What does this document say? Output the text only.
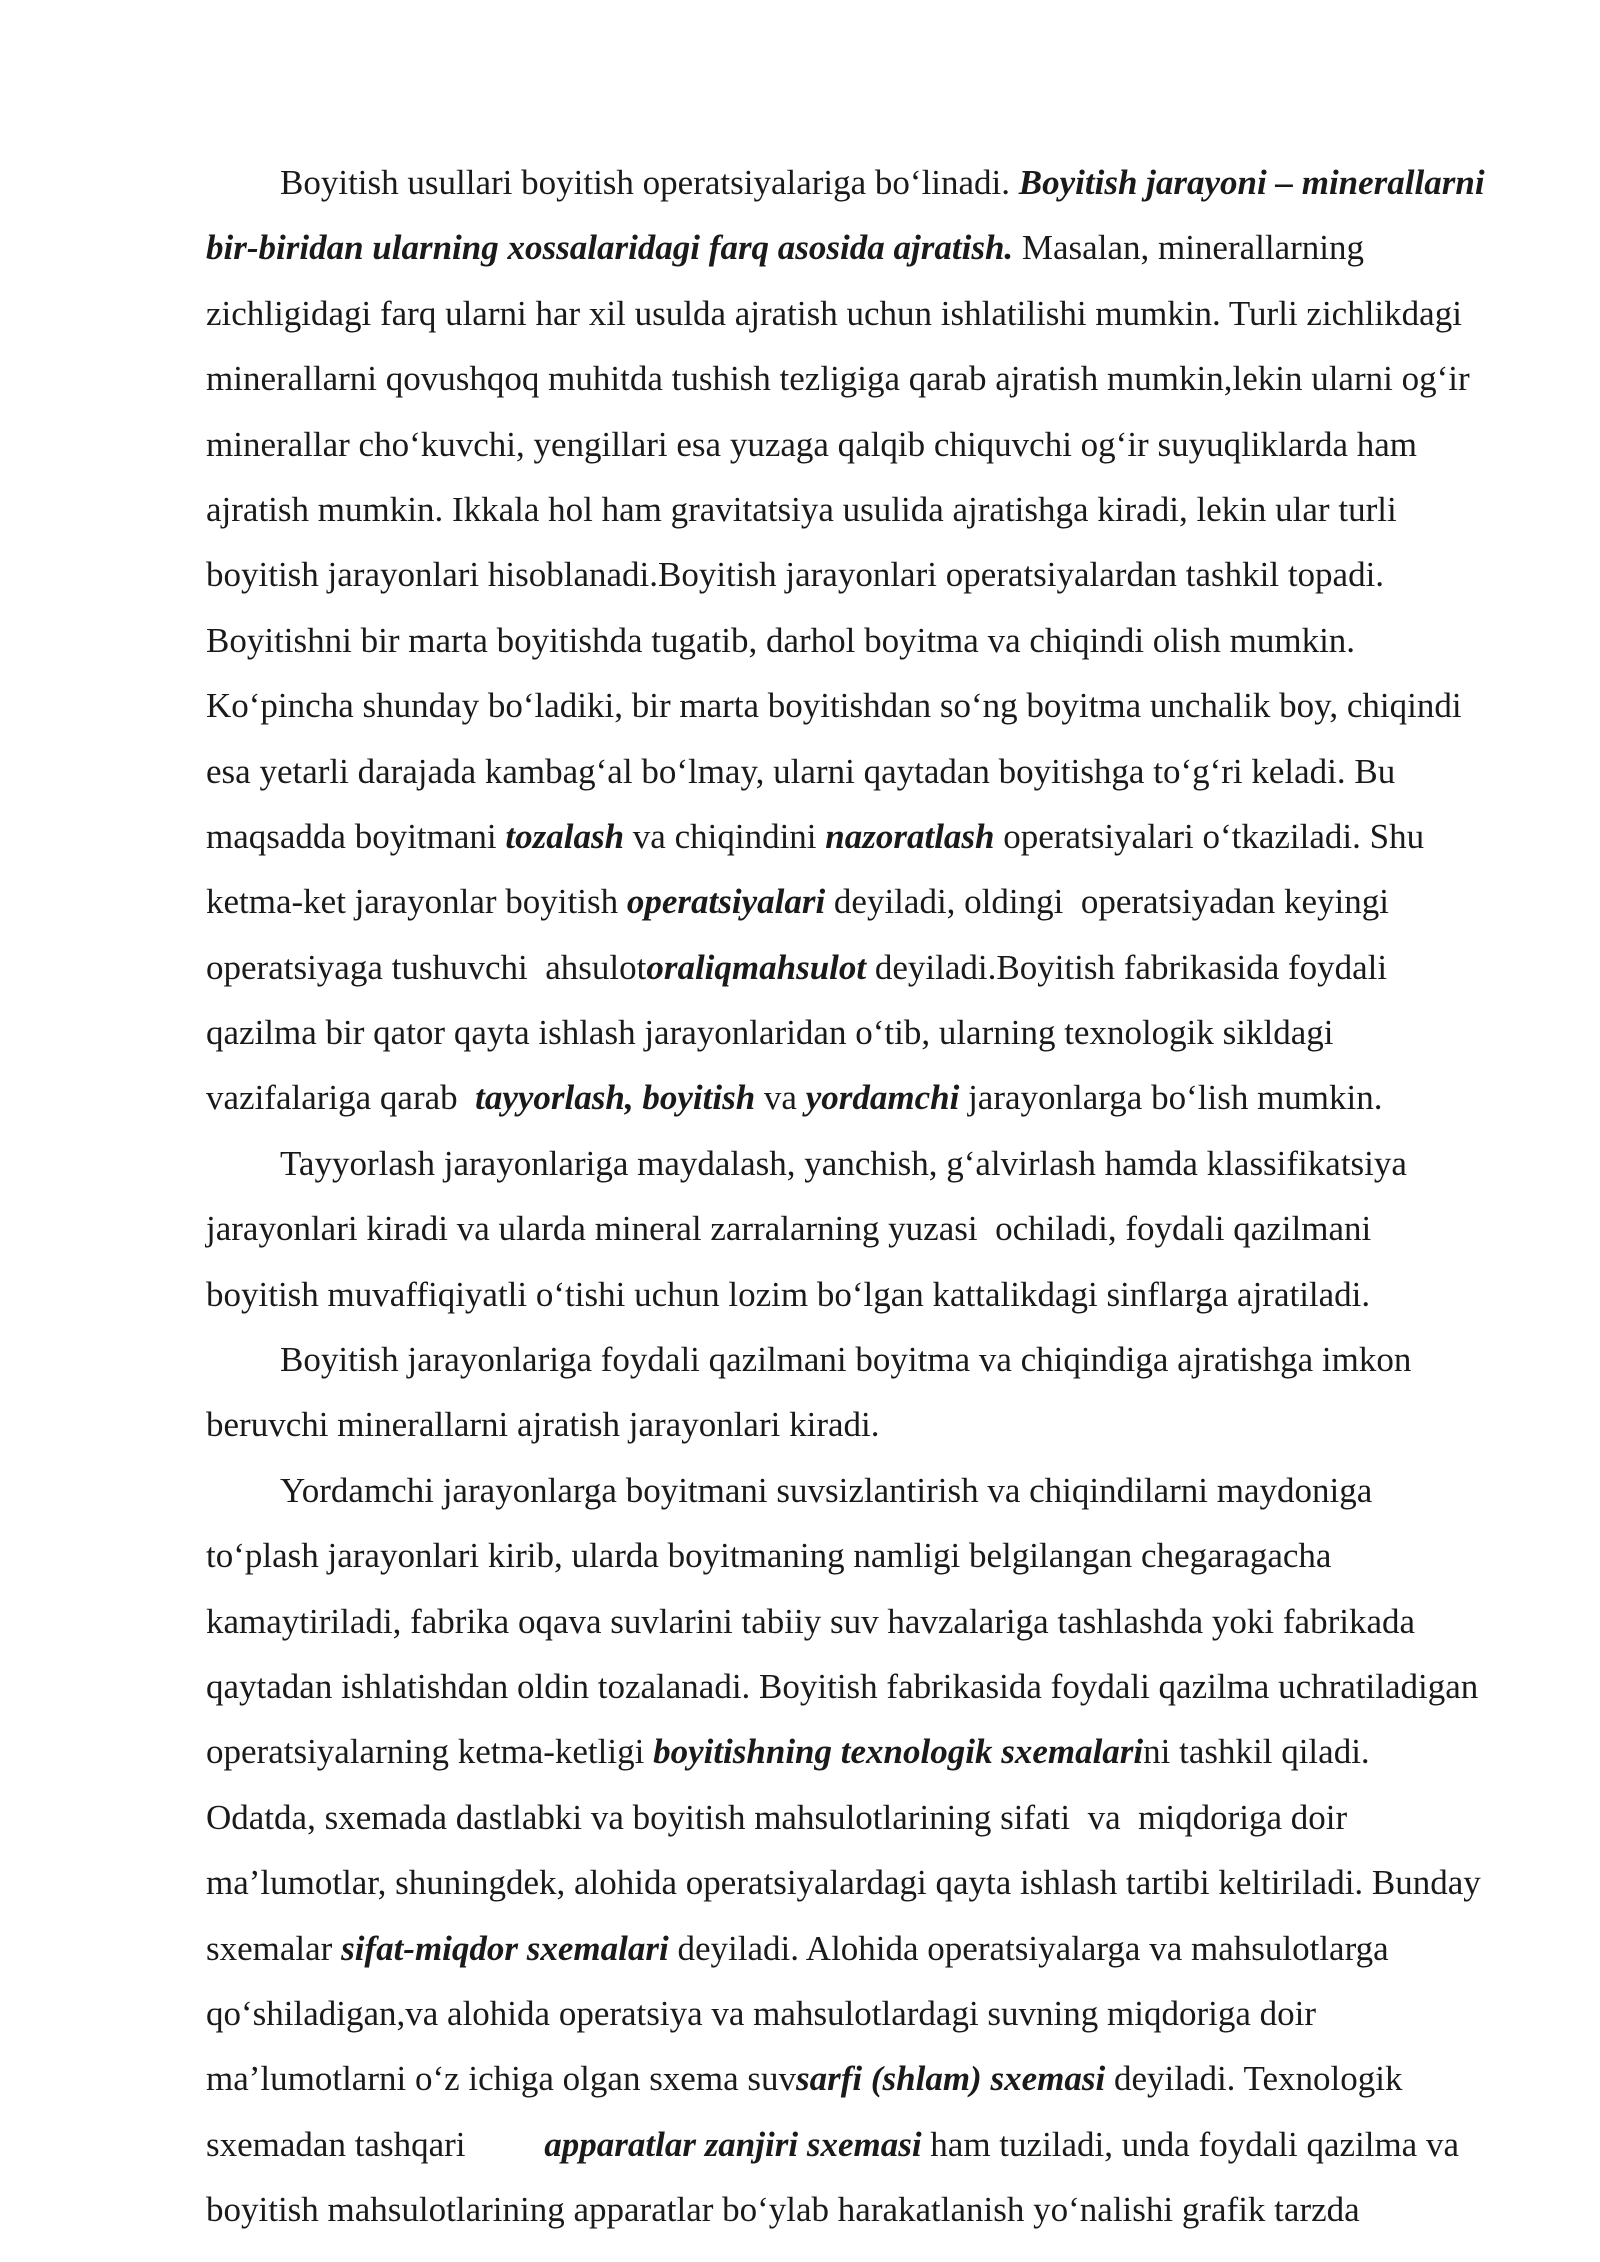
Boyitish usullari boyitish operatsiyalariga bo‘linadi. Boyitish jarayoni – minerallarni
bir-biridan ularning xossalaridagi farq asosida ajratish. Masalan, minerallarning
zichligidagi farq ularni har xil usulda ajratish uchun ishlatilishi mumkin. Turli zichlikdagi
minerallarni qovushqoq muhitda tushish tezligiga qarab ajratish mumkin,lekin ularni og‘ir
minerallar cho‘kuvchi, yengillari esa yuzaga qalqib chiquvchi og‘ir suyuqliklarda ham
ajratish mumkin. Ikkala hol ham gravitatsiya usulida ajratishga kiradi, lekin ular turli
boyitish jarayonlari hisoblanadi.Boyitish jarayonlari operatsiyalardan tashkil topadi.
Boyitishni bir marta boyitishda tugatib, darhol boyitma va chiqindi olish mumkin.
Ko‘pincha shunday bo‘ladiki, bir marta boyitishdan so‘ng boyitma unchalik boy, chiqindi
esa yetarli darajada kambag‘al bo‘lmay, ularni qaytadan boyitishga to‘g‘ri keladi. Bu
maqsadda boyitmani tozalash va chiqindini nazoratlash operatsiyalari o‘tkaziladi. Shu
ketma-ket jarayonlar boyitish operatsiyalari deyiladi, oldingi  operatsiyadan keyingi
operatsiyaga tushuvchi  ahsulotoraliqmahsulot deyiladi.Boyitish fabrikasida foydali
qazilma bir qator qayta ishlash jarayonlaridan o‘tib, ularning texnologik sikldagi
vazifalariga qarab  tayyorlash, boyitish va yordamchi jarayonlarga bo‘lish mumkin.
Tayyorlash jarayonlariga maydalash, yanchish, g‘alvirlash hamda klassifikatsiya
jarayonlari kiradi va ularda mineral zarralarning yuzasi  ochiladi, foydali qazilmani
boyitish muvaffiqiyatli o‘tishi uchun lozim bo‘lgan kattalikdagi sinflarga ajratiladi.
Boyitish jarayonlariga foydali qazilmani boyitma va chiqindiga ajratishga imkon
beruvchi minerallarni ajratish jarayonlari kiradi.
Yordamchi jarayonlarga boyitmani suvsizlantirish va chiqindilarni maydoniga
to‘plash jarayonlari kirib, ularda boyitmaning namligi belgilangan chegaragacha
kamaytiriladi, fabrika oqava suvlarini tabiiy suv havzalariga tashlashda yoki fabrikada
qaytadan ishlatishdan oldin tozalanadi. Boyitish fabrikasida foydali qazilma uchratiladigan
operatsiyalarning ketma-ketligi boyitishning texnologik sxemalarini tashkil qiladi.
Odatda, sxemada dastlabki va boyitish mahsulotlarining sifati  va  miqdoriga doir
ma’lumotlar, shuningdek, alohida operatsiyalardagi qayta ishlash tartibi keltiriladi. Bunday
sxemalar sifat-miqdor sxemalari deyiladi. Alohida operatsiyalarga va mahsulotlarga
qo‘shiladigan,va alohida operatsiya va mahsulotlardagi suvning miqdoriga doir
ma’lumotlarni o‘z ichiga olgan sxema suvsarfi (shlam) sxemasi deyiladi. Texnologik
sxemadan tashqari         apparatlar zanjiri sxemasi ham tuziladi, unda foydali qazilma va
boyitish mahsulotlarining apparatlar bo‘ylab harakatlanish yo‘nalishi grafik tarzda
